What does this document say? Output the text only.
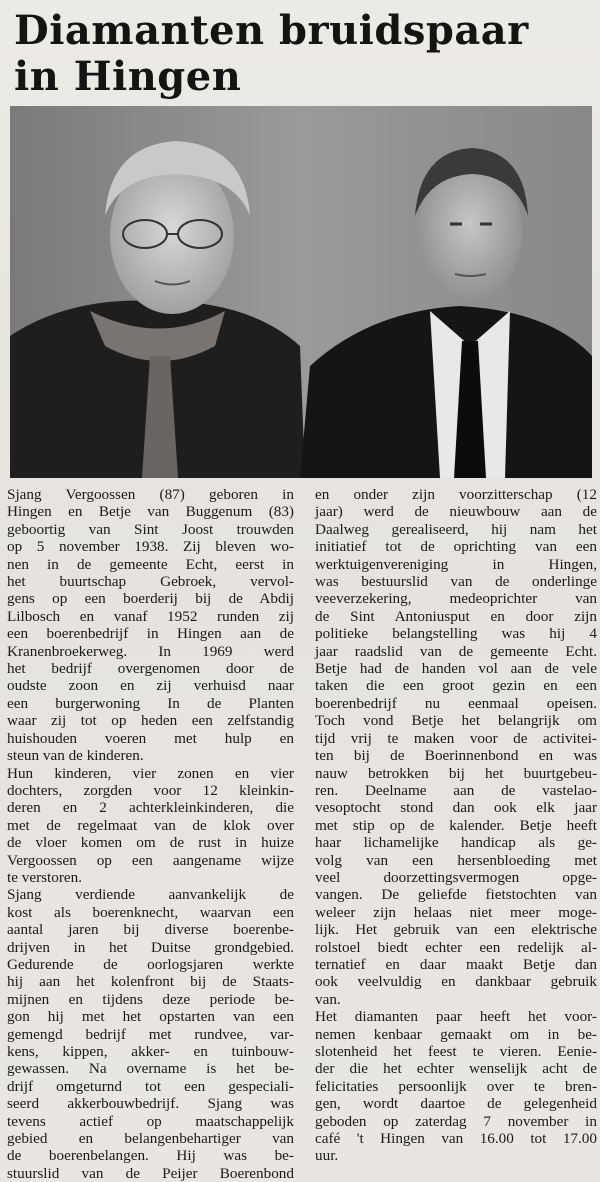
Diamanten bruidspaar
in Hingen

Sjang Vergoossen (87) geboren in
Hingen en Betje van Buggenum (83)
geboortig van Sint Joost trouwden
op 5 november 1938. Zij bleven wo-
nen in de gemeente Echt, eerst in
het buurtschap Gebroek, vervol-
gens op een boerderij bij de Abdij
Lilbosch en vanaf 1952 runden zij
een boerenbedrijf in Hingen aan de
Kranenbroekerweg. In 1969 werd
het bedrijf overgenomen door de
oudste zoon en zij verhuisd naar
een burgerwoning In de Planten
waar zij tot op heden een zelfstandig
huishouden voeren met hulp en
steun van de kinderen.

Hun kinderen, vier zonen en vier
dochters, zorgden voor 12 kleinkin-
deren en 2 achterkleinkinderen, die
met de regelmaat van de klok over
de vloer komen om de rust in huize
Vergoossen op een aangename wijze
te verstoren.

Sjang verdiende aanvankelijk de
kost als boerenknecht, waarvan een
aantal jaren bij diverse boerenbe-
drijven in het Duitse grondgebied.
Gedurende de oorlogsjaren werkte
hij aan het kolenfront bij de Staats-
mijnen en tijdens deze periode be-
gon hij met het opstarten van een
gemengd bedrijf met rundvee, var-
kens, kippen, akker- en tuinbouw-
gewassen. Na overname is het be-
drijf omgeturnd tot een gespeciali-
seerd akkerbouwbedrijf. Sjang was
tevens actief op maatschappelijk
gebied en belangenbehartiger van
de boerenbelangen. Hij was be-
stuurslid van de Peijer Boerenbond

en onder zijn voorzitterschap (12
jaar) werd de nieuwbouw aan de
Daalweg gerealiseerd, hij nam het
initiatief tot de oprichting van een
werktuigenvereniging in Hingen,
was bestuurslid van de onderlinge
veeverzekering, medeoprichter van
de Sint Antoniusput en door zijn
politieke belangstelling was hij 4
jaar raadslid van de gemeente Echt.
Betje had de handen vol aan de vele
taken die een groot gezin en een
boerenbedrijf nu eenmaal opeisen.
Toch vond Betje het belangrijk om
tijd vrij te maken voor de activitei-
ten bij de Boerinnenbond en was
nauw betrokken bij het buurtgebeu-
ren. Deelname aan de vastelao-
vesoptocht stond dan ook elk jaar
met stip op de kalender. Betje heeft
haar lichamelijke handicap als ge-
volg van een hersenbloeding met
veel doorzettingsvermogen opge-
vangen. De geliefde fietstochten van
weleer zijn helaas niet meer moge-
lijk. Het gebruik van een elektrische
rolstoel biedt echter een redelijk al-
ternatief en daar maakt Betje dan
ook veelvuldig en dankbaar gebruik
van.

Het diamanten paar heeft het voor-
nemen kenbaar gemaakt om in be-
slotenheid het feest te vieren. Eenie-
der die het echter wenselijk acht de
felicitaties persoonlijk over te bren-
gen, wordt daartoe de gelegenheid
geboden op zaterdag 7 november in
café 't Hingen van 16.00 tot 17.00
uur.
